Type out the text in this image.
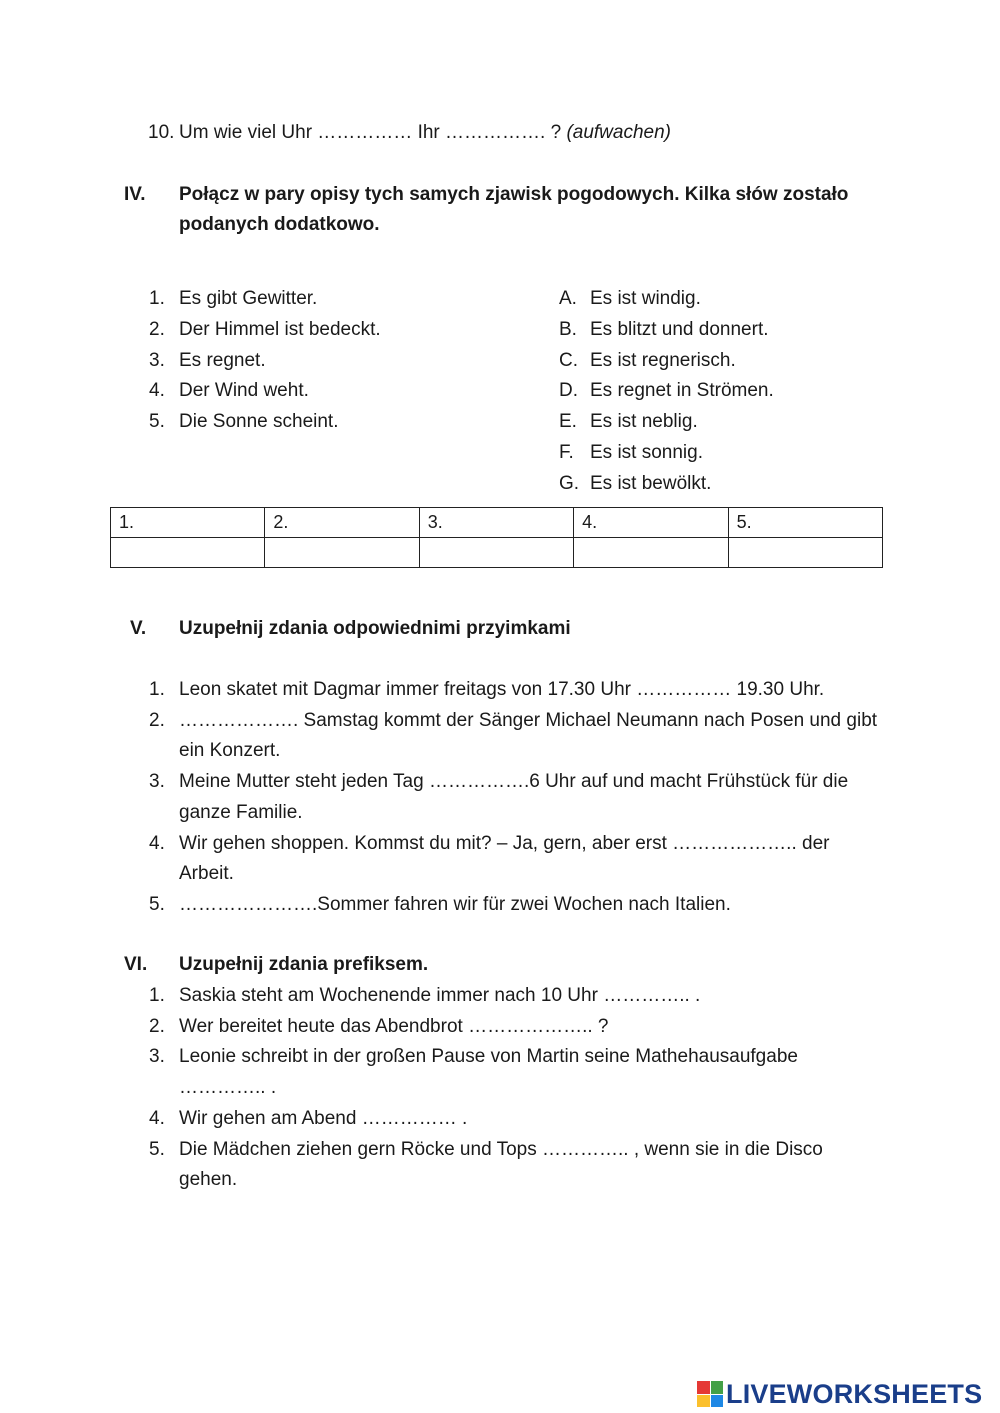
10. Um wie viel Uhr …………… Ihr ……………. ? (aufwachen)
IV. Połącz w pary opisy tych samych zjawisk pogodowych. Kilka słów zostało
podanych dodatkowo.
1. Es gibt Gewitter.
2. Der Himmel ist bedeckt.
3. Es regnet.
4. Der Wind weht.
5. Die Sonne scheint.
A. Es ist windig.
B. Es blitzt und donnert.
C. Es ist regnerisch.
D. Es regnet in Strömen.
E. Es ist neblig.
F. Es ist sonnig.
G. Es ist bewölkt.
1.	2.	3.	4.	5.

V. Uzupełnij zdania odpowiednimi przyimkami
1. Leon skatet mit Dagmar immer freitags von 17.30 Uhr …………… 19.30 Uhr.
2. ………………. Samstag kommt der Sänger Michael Neumann nach Posen und gibt
ein Konzert.
3. Meine Mutter steht jeden Tag …………….6 Uhr auf und macht Frühstück für die
ganze Familie.
4. Wir gehen shoppen. Kommst du mit? – Ja, gern, aber erst ……………….. der
Arbeit.
5. ………………….Sommer fahren wir für zwei Wochen nach Italien.
VI. Uzupełnij zdania prefiksem.
1. Saskia steht am Wochenende immer nach 10 Uhr ………….. .
2. Wer bereitet heute das Abendbrot ……………….. ?
3. Leonie schreibt in der großen Pause von Martin seine Mathehausaufgabe
………….. .
4. Wir gehen am Abend …………… .
5. Die Mädchen ziehen gern Röcke und Tops ………….. , wenn sie in die Disco
gehen.
LIVEWORKSHEETS
